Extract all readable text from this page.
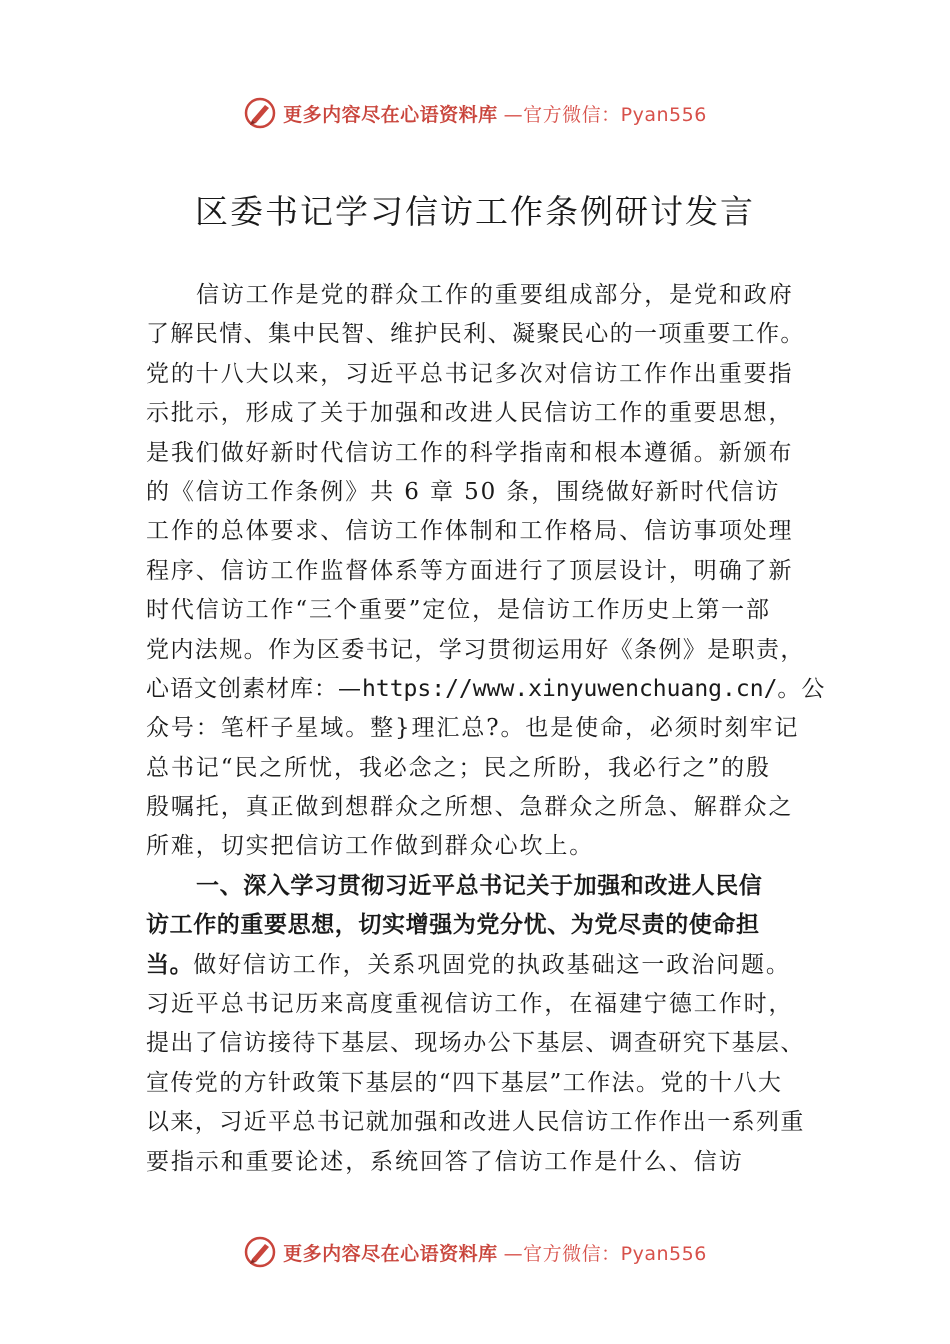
更多内容尽在心语资料库 —官方微信：Pyan556
区委书记学习信访工作条例研讨发言
信访工作是党的群众工作的重要组成部分，是党和政府
了解民情、集中民智、维护民利、凝聚民心的一项重要工作。
党的十八大以来，习近平总书记多次对信访工作作出重要指
示批示，形成了关于加强和改进人民信访工作的重要思想，
是我们做好新时代信访工作的科学指南和根本遵循。新颁布
的《信访工作条例》共 6 章 50 条，围绕做好新时代信访
工作的总体要求、信访工作体制和工作格局、信访事项处理
程序、信访工作监督体系等方面进行了顶层设计，明确了新
时代信访工作“三个重要”定位，是信访工作历史上第一部
党内法规。作为区委书记，学习贯彻运用好《条例》是职责，
心语文创素材库：—https://www.xinyuwenchuang.cn/。公
众号：笔杆子星域。整}理汇总?。也是使命，必须时刻牢记
总书记“民之所忧，我必念之；民之所盼，我必行之”的殷
殷嘱托，真正做到想群众之所想、急群众之所急、解群众之
所难，切实把信访工作做到群众心坎上。
一、深入学习贯彻习近平总书记关于加强和改进人民信
访工作的重要思想，切实增强为党分忧、为党尽责的使命担
当。做好信访工作，关系巩固党的执政基础这一政治问题。
习近平总书记历来高度重视信访工作，在福建宁德工作时，
提出了信访接待下基层、现场办公下基层、调查研究下基层、
宣传党的方针政策下基层的“四下基层”工作法。党的十八大
以来，习近平总书记就加强和改进人民信访工作作出一系列重
要指示和重要论述，系统回答了信访工作是什么、信访
更多内容尽在心语资料库 —官方微信：Pyan556
